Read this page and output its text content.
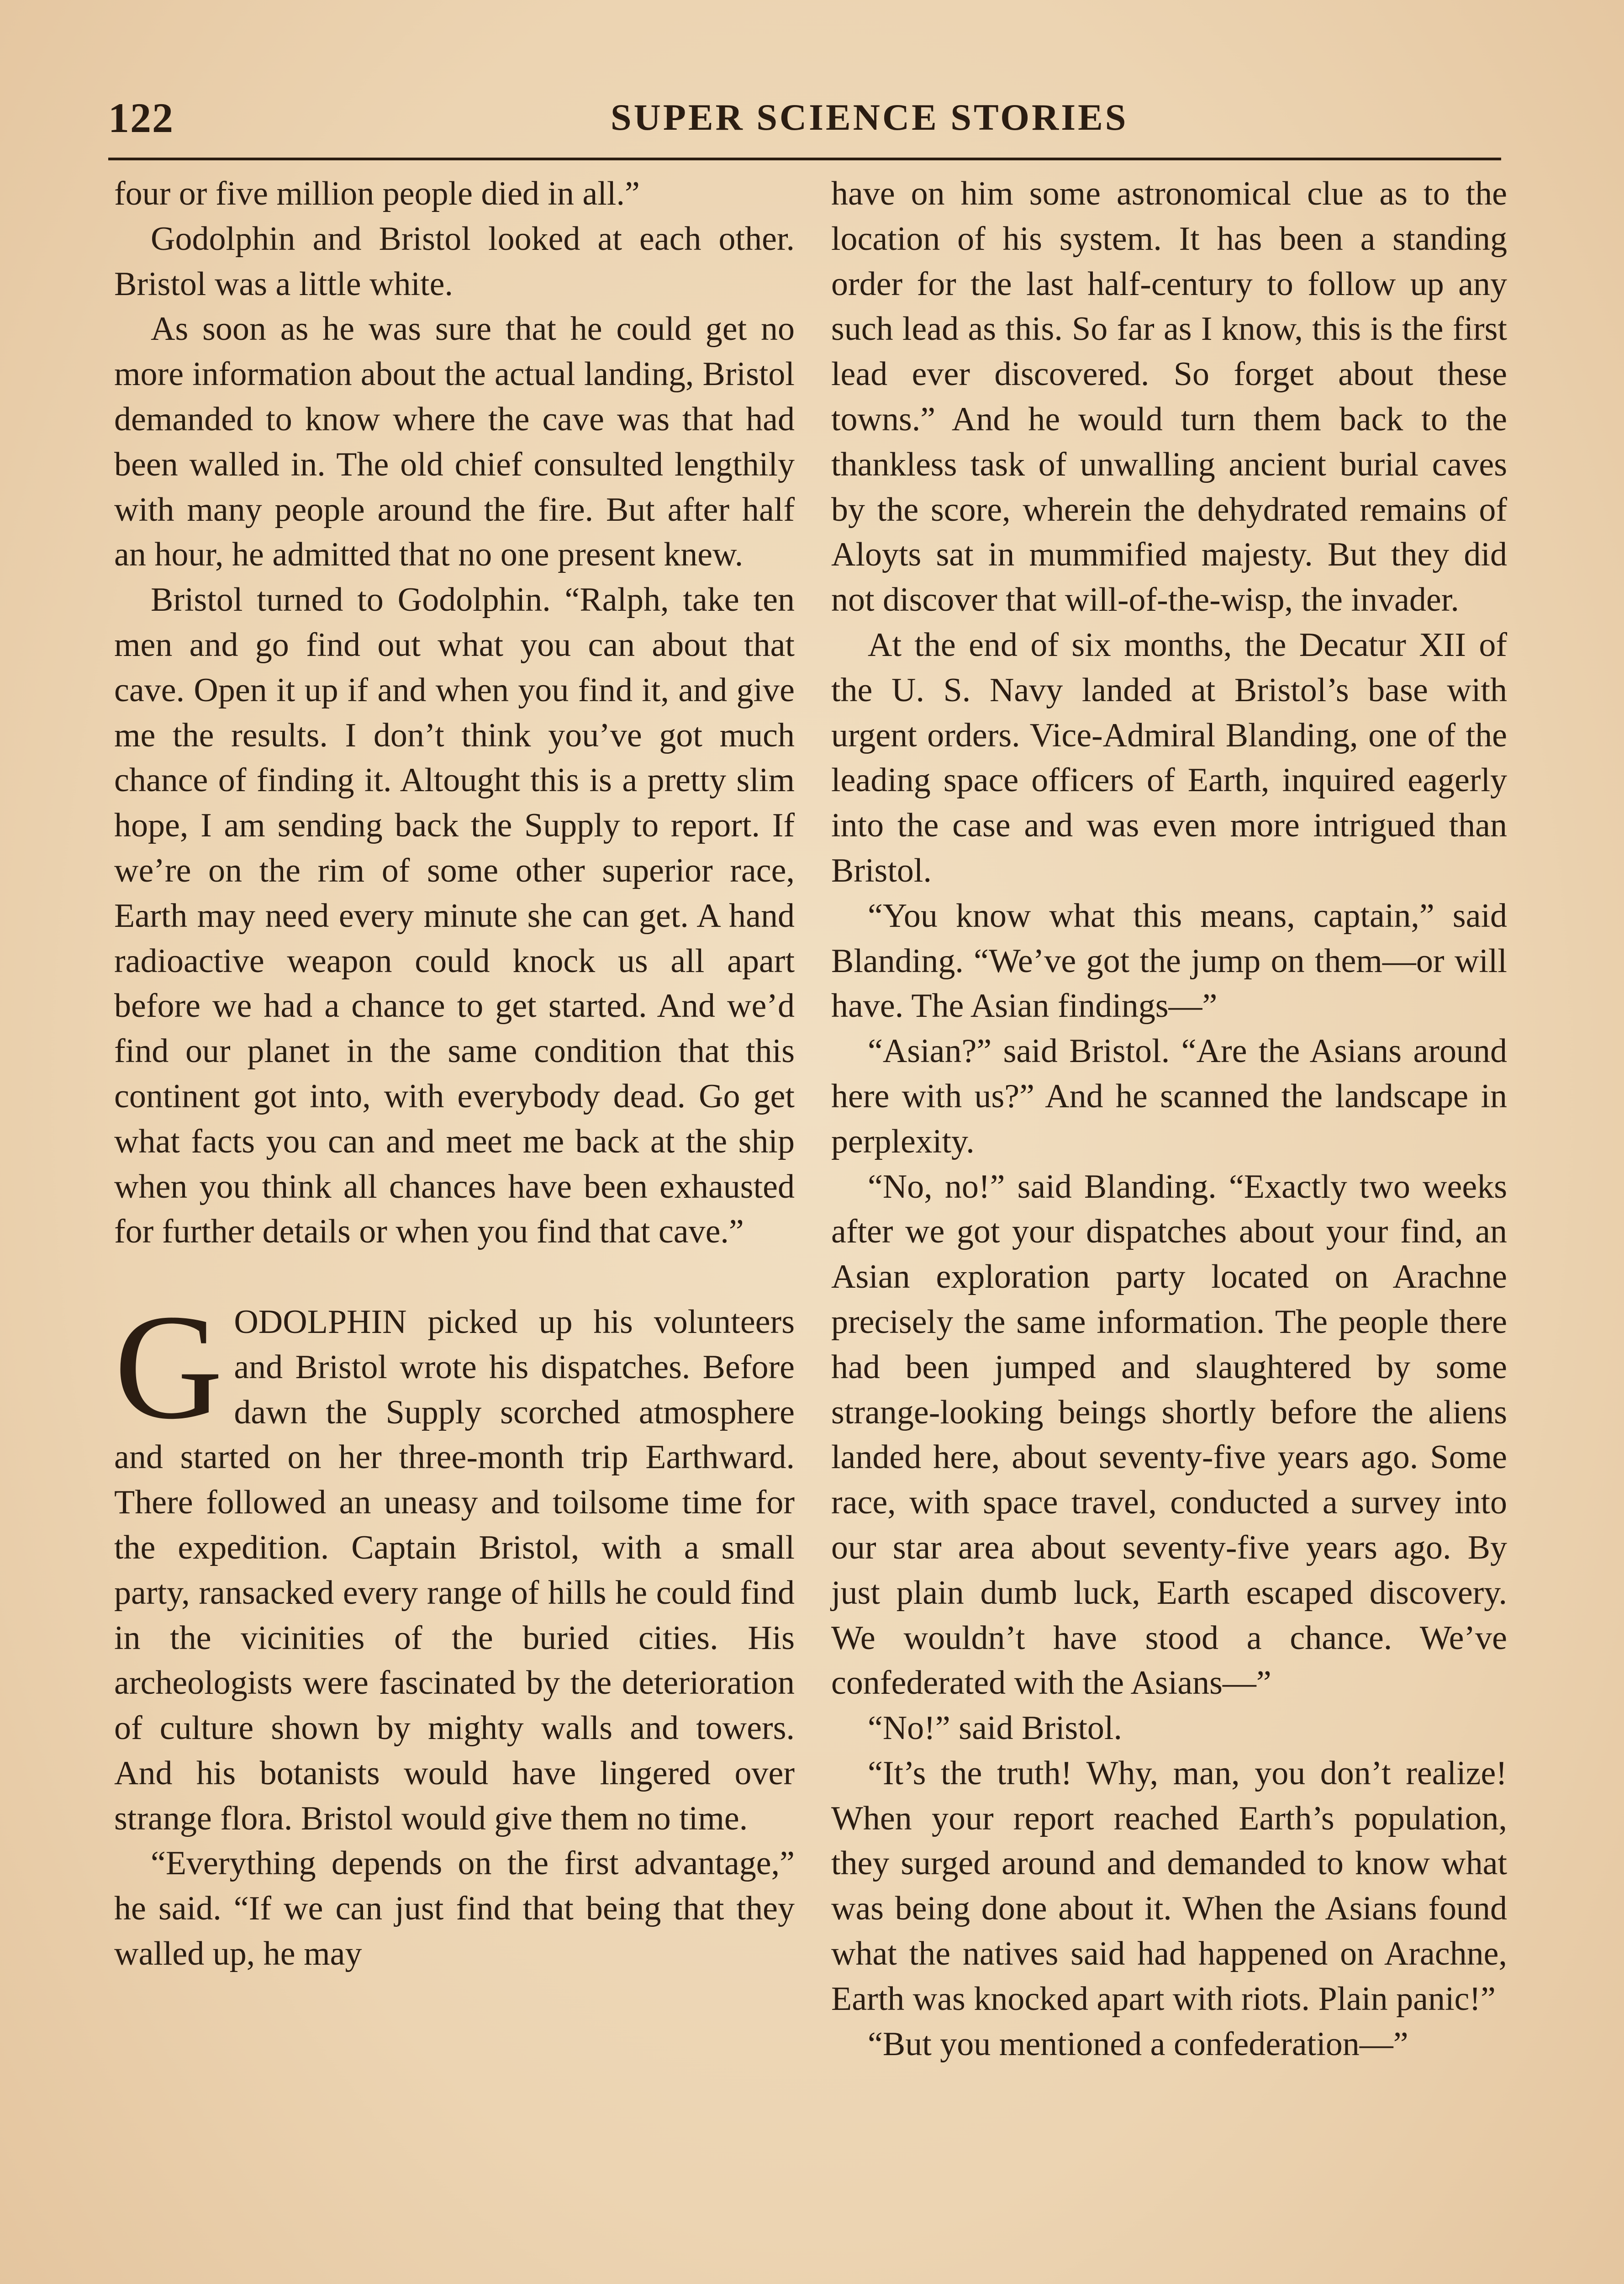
122	SUPER SCIENCE STORIES

four or five million people died in all.”

Godolphin and Bristol looked at each other. Bristol was a little white.

As soon as he was sure that he could get no more information about the actual landing, Bristol demanded to know where the cave was that had been walled in. The old chief consulted lengthily with many people around the fire. But after half an hour, he admitted that no one present knew.

Bristol turned to Godolphin. “Ralph, take ten men and go find out what you can about that cave. Open it up if and when you find it, and give me the results. I don’t think you’ve got much chance of finding it. Altought this is a pretty slim hope, I am sending back the Supply to report. If we’re on the rim of some other superior race, Earth may need every minute she can get. A hand radioactive weapon could knock us all apart before we had a chance to get started. And we’d find our planet in the same condition that this continent got into, with everybody dead. Go get what facts you can and meet me back at the ship when you think all chances have been exhausted for further details or when you find that cave.”

GODOLPHIN picked up his volunteers and Bristol wrote his dispatches. Before dawn the Supply scorched atmosphere and started on her three-month trip Earthward. There followed an uneasy and toilsome time for the expedition. Captain Bristol, with a small party, ransacked every range of hills he could find in the vicinities of the buried cities. His archeologists were fascinated by the deterioration of culture shown by mighty walls and towers. And his botanists would have lingered over strange flora. Bristol would give them no time.

“Everything depends on the first advantage,” he said. “If we can just find that being that they walled up, he may

have on him some astronomical clue as to the location of his system. It has been a standing order for the last half-century to follow up any such lead as this. So far as I know, this is the first lead ever discovered. So forget about these towns.” And he would turn them back to the thankless task of unwalling ancient burial caves by the score, wherein the dehydrated remains of Aloyts sat in mummified majesty. But they did not discover that will-of-the-wisp, the invader.

At the end of six months, the Decatur XII of the U. S. Navy landed at Bristol’s base with urgent orders. Vice-Admiral Blanding, one of the leading space officers of Earth, inquired eagerly into the case and was even more intrigued than Bristol.

“You know what this means, captain,” said Blanding. “We’ve got the jump on them—or will have. The Asian findings—”

“Asian?” said Bristol. “Are the Asians around here with us?” And he scanned the landscape in perplexity.

“No, no!” said Blanding. “Exactly two weeks after we got your dispatches about your find, an Asian exploration party located on Arachne precisely the same information. The people there had been jumped and slaughtered by some strange-looking beings shortly before the aliens landed here, about seventy-five years ago. Some race, with space travel, conducted a survey into our star area about seventy-five years ago. By just plain dumb luck, Earth escaped discovery. We wouldn’t have stood a chance. We’ve confederated with the Asians—”

“No!” said Bristol.

“It’s the truth! Why, man, you don’t realize! When your report reached Earth’s population, they surged around and demanded to know what was being done about it. When the Asians found what the natives said had happened on Arachne, Earth was knocked apart with riots. Plain panic!”

“But you mentioned a confederation—”
